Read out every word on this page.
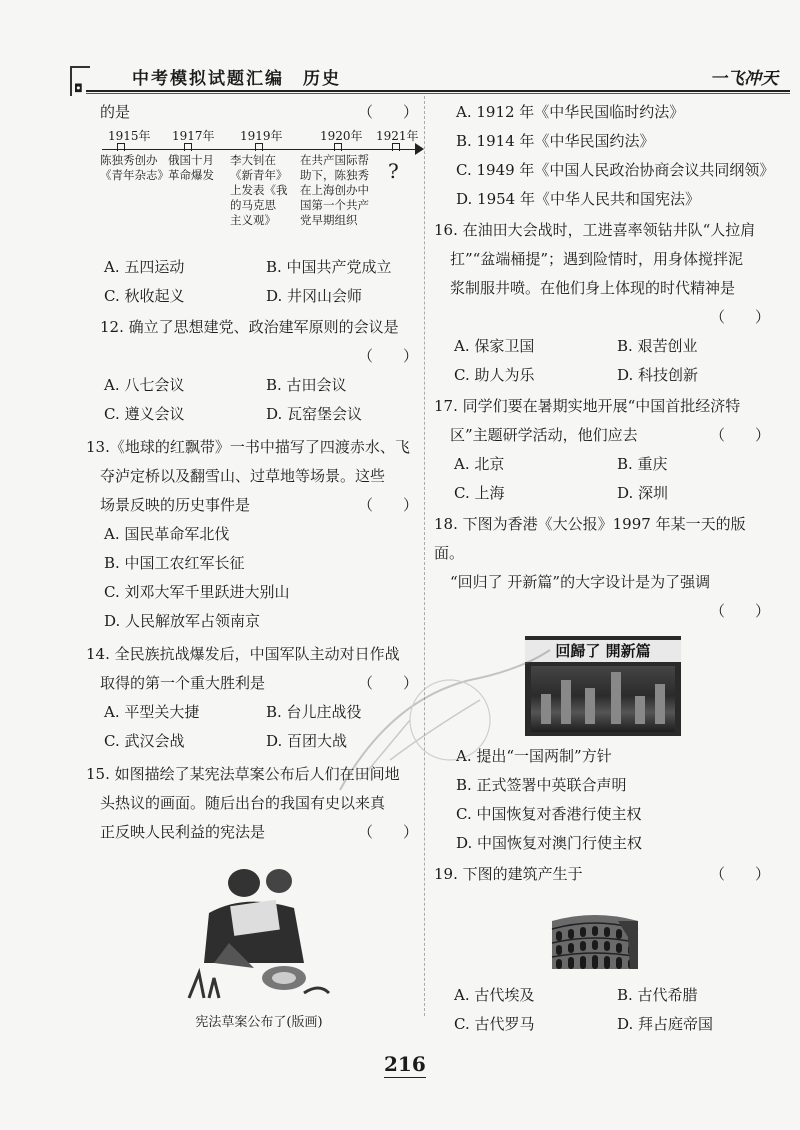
◘	中考模拟试题汇编　历史	一飞冲天
的是	（　　）
1915年 1917年 1919年	1920年 1921年
陈独秀创办
《青年杂志》
俄国十月
革命爆发
李大钊在
《新青年》
上发表《我
的马克思
主义观》
在共产国际帮
助下，陈独秀
在上海创办中
国第一个共产
党早期组织
?
A. 五四运动	B. 中国共产党成立
C. 秋收起义	D. 井冈山会师
12. 确立了思想建党、政治建军原则的会议是
（　　）
A. 八七会议	B. 古田会议
C. 遵义会议	D. 瓦窑堡会议
13.《地球的红飘带》一书中描写了四渡赤水、飞
夺泸定桥以及翻雪山、过草地等场景。这些
场景反映的历史事件是	（　　）
A. 国民革命军北伐
B. 中国工农红军长征
C. 刘邓大军千里跃进大别山
D. 人民解放军占领南京
14. 全民族抗战爆发后，中国军队主动对日作战
取得的第一个重大胜利是	（　　）
A. 平型关大捷	B. 台儿庄战役
C. 武汉会战	D. 百团大战
15. 如图描绘了某宪法草案公布后人们在田间地
头热议的画面。随后出台的我国有史以来真
正反映人民利益的宪法是	（　　）
宪法草案公布了(版画)
A. 1912 年《中华民国临时约法》
B. 1914 年《中华民国约法》
C. 1949 年《中国人民政治协商会议共同纲领》
D. 1954 年《中华人民共和国宪法》
16. 在油田大会战时，工进喜率领钻井队“人拉肩
扛”“盆端桶提”；遇到险情时，用身体搅拌泥
浆制服井喷。在他们身上体现的时代精神是
（　　）
A. 保家卫国	B. 艰苦创业
C. 助人为乐	D. 科技创新
17. 同学们要在暑期实地开展“中国首批经济特
区”主题研学活动，他们应去	（　　）
A. 北京	B. 重庆
C. 上海	D. 深圳
18. 下图为香港《大公报》1997 年某一天的版面。
“回归了 开新篇”的大字设计是为了强调
（　　）
回歸了 開新篇
A. 提出“一国两制”方针
B. 正式签署中英联合声明
C. 中国恢复对香港行使主权
D. 中国恢复对澳门行使主权
19. 下图的建筑产生于	（　　）
A. 古代埃及	B. 古代希腊
C. 古代罗马	D. 拜占庭帝国
216
